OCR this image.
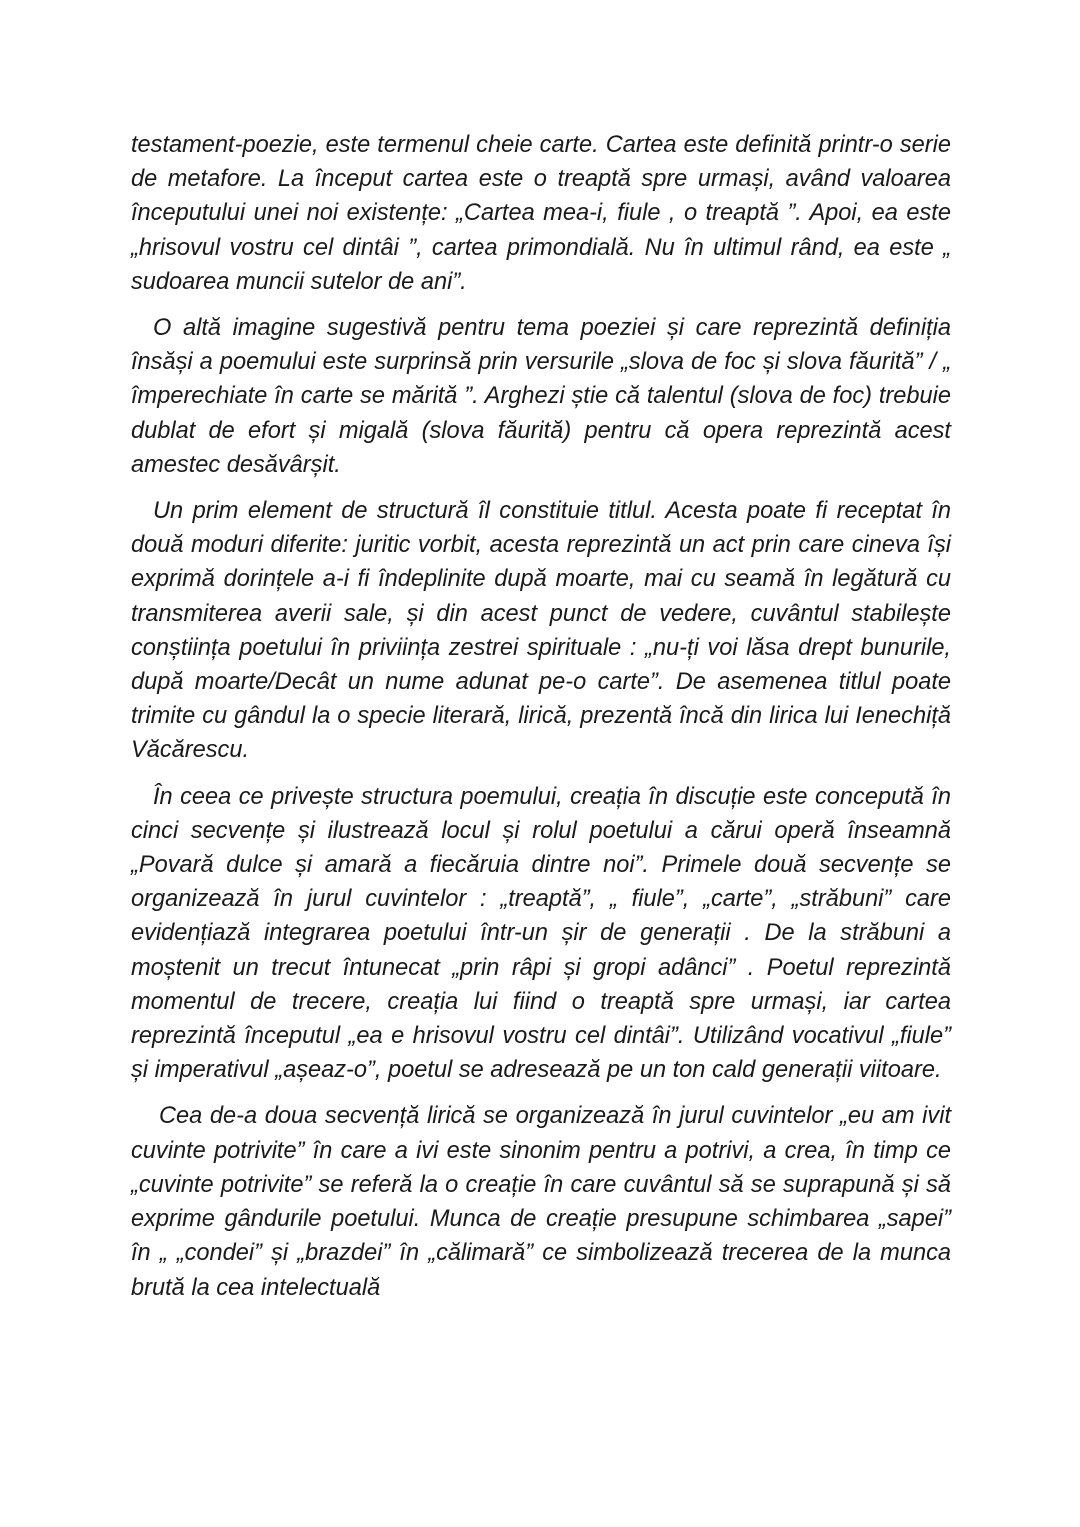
testament-poezie, este termenul cheie carte. Cartea este definită printr-o serie de metafore. La început cartea este o treaptă spre urmași, având valoarea începutului unei noi existențe: „Cartea mea-i, fiule , o treaptă ”. Apoi, ea este „hrisovul vostru cel dintâi ”, cartea primondială. Nu în ultimul rând, ea este „ sudoarea muncii sutelor de ani”.

O altă imagine sugestivă pentru tema poeziei și care reprezintă definiția însăși a poemului este surprinsă prin versurile „slova de foc și slova făurită” / „ împerechiate în carte se mărită ”. Arghezi știe că talentul (slova de foc) trebuie dublat de efort și migală (slova făurită) pentru că opera reprezintă acest amestec desăvârșit.

Un prim element de structură îl constituie titlul. Acesta poate fi receptat în două moduri diferite: juritic vorbit, acesta reprezintă un act prin care cineva își exprimă dorințele a-i fi îndeplinite după moarte, mai cu seamă în legătură cu transmiterea averii sale, și din acest punct de vedere, cuvântul stabilește conștiința poetului în priviința zestrei spirituale : „nu-ți voi lăsa drept bunurile, după moarte/Decât un nume adunat pe-o carte”. De asemenea titlul poate trimite cu gândul la o specie literară, lirică, prezentă încă din lirica lui Ienechiță Văcărescu.

În ceea ce privește structura poemului, creația în discuție este concepută în cinci secvențe și ilustrează locul și rolul poetului a cărui operă înseamnă „Povară dulce și amară a fiecăruia dintre noi”. Primele două secvențe se organizează în jurul cuvintelor : „treaptă”, „ fiule”, „carte”, „străbuni” care evidențiază integrarea poetului într-un șir de generații . De la străbuni a moștenit un trecut întunecat „prin râpi și gropi adânci” . Poetul reprezintă momentul de trecere, creația lui fiind o treaptă spre urmași, iar cartea reprezintă începutul „ea e hrisovul vostru cel dintâi”. Utilizând vocativul „fiule” și imperativul „așeaz-o”, poetul se adresează pe un ton cald generații viitoare.

Cea de-a doua secvență lirică se organizează în jurul cuvintelor „eu am ivit cuvinte potrivite” în care a ivi este sinonim pentru a potrivi, a crea, în timp ce „cuvinte potrivite” se referă la o creație în care cuvântul să se suprapună și să exprime gândurile poetului. Munca de creație presupune schimbarea „sapei” în „ „condei” și „brazdei” în „călimară” ce simbolizează trecerea de la munca brută la cea intelectuală
